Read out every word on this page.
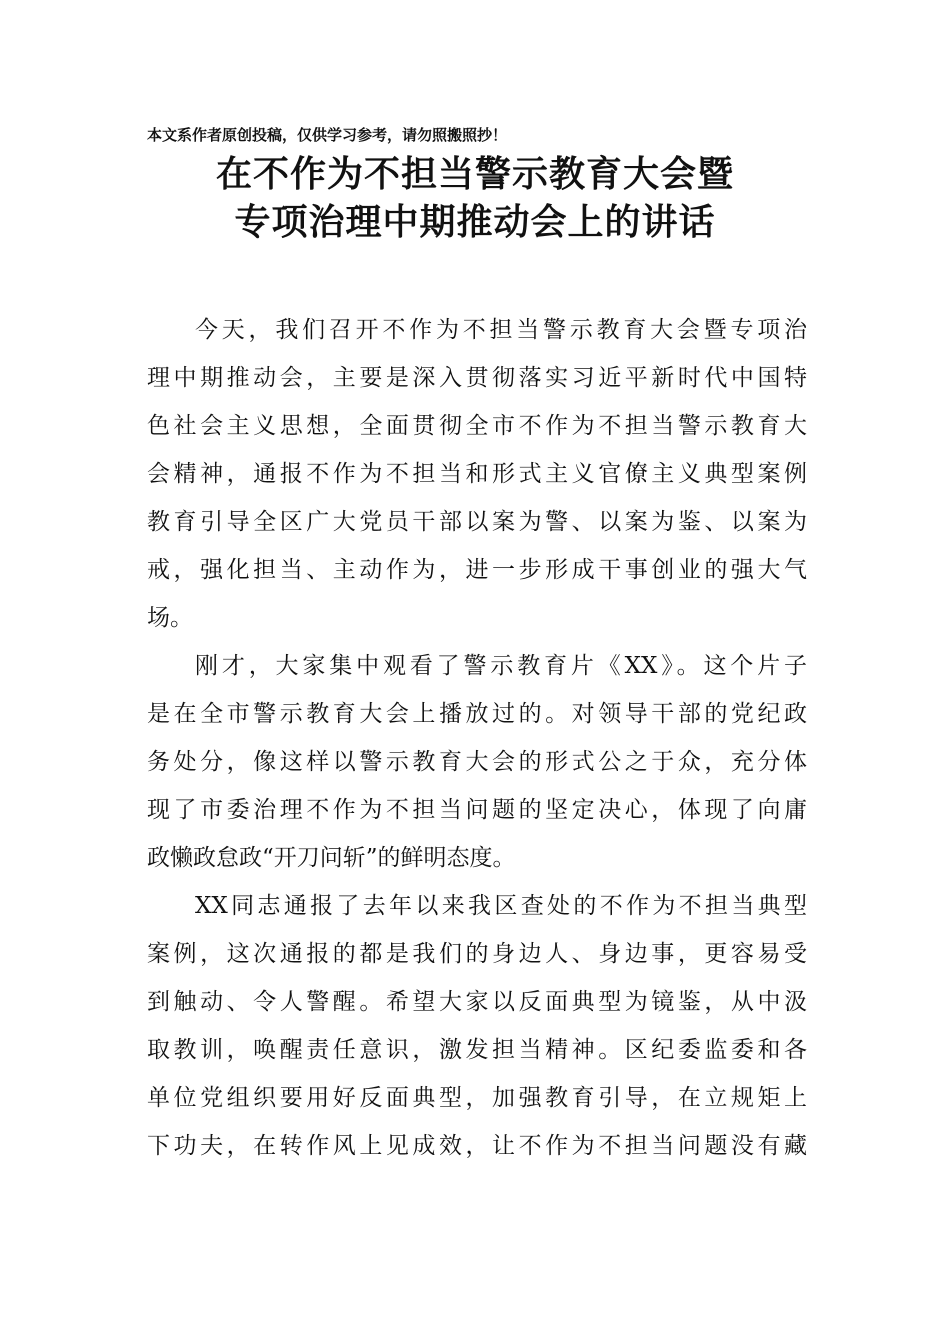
本文系作者原创投稿，仅供学习参考，请勿照搬照抄！
在不作为不担当警示教育大会暨
专项治理中期推动会上的讲话
今天，我们召开不作为不担当警示教育大会暨专项治
理中期推动会，主要是深入贯彻落实习近平新时代中国特
色社会主义思想，全面贯彻全市不作为不担当警示教育大
会精神，通报不作为不担当和形式主义官僚主义典型案例
教育引导全区广大党员干部以案为警、以案为鉴、以案为
戒，强化担当、主动作为，进一步形成干事创业的强大气
场。
刚才，大家集中观看了警示教育片《XX》。这个片子
是在全市警示教育大会上播放过的。对领导干部的党纪政
务处分，像这样以警示教育大会的形式公之于众，充分体
现了市委治理不作为不担当问题的坚定决心，体现了向庸
政懒政怠政“开刀问斩”的鲜明态度。
XX同志通报了去年以来我区查处的不作为不担当典型
案例，这次通报的都是我们的身边人、身边事，更容易受
到触动、令人警醒。希望大家以反面典型为镜鉴，从中汲
取教训，唤醒责任意识，激发担当精神。区纪委监委和各
单位党组织要用好反面典型，加强教育引导，在立规矩上
下功夫，在转作风上见成效，让不作为不担当问题没有藏
